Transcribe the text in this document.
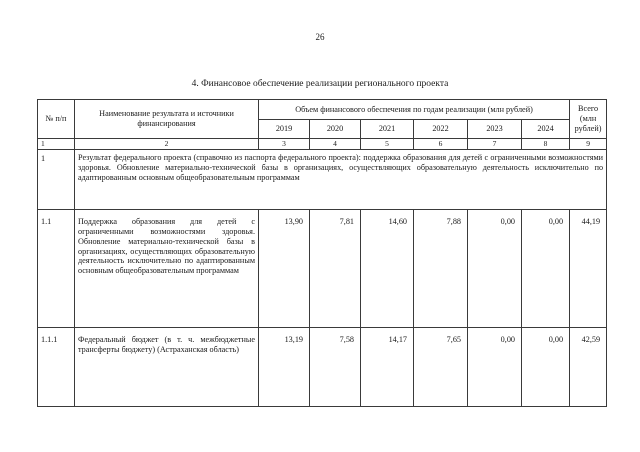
26
4. Финансовое обеспечение реализации регионального проекта
№ п/п	Наименование результата и источники финансирования	Объем финансового обеспечения по годам реализации (млн рублей)						Всего (млн рублей)
		2019	2020	2021	2022	2023	2024	
1	2	3	4	5	6	7	8	9
1	Результат федерального проекта (справочно из паспорта федерального проекта): поддержка образования для детей с ограниченными возможностями здоровья. Обновление материально-технической базы в организациях, осуществляющих образовательную деятельность исключительно по адаптированным основным общеобразовательным программам							
1.1	Поддержка образования для детей с ограниченными возможностями здоровья. Обновление материально-технической базы в организациях, осуществляющих образовательную деятельность исключительно по адаптированным основным общеобразовательным программам	13,90	7,81	14,60	7,88	0,00	0,00	44,19
1.1.1	Федеральный бюджет (в т. ч. межбюджетные трансферты бюджету) (Астраханская область)	13,19	7,58	14,17	7,65	0,00	0,00	42,59
